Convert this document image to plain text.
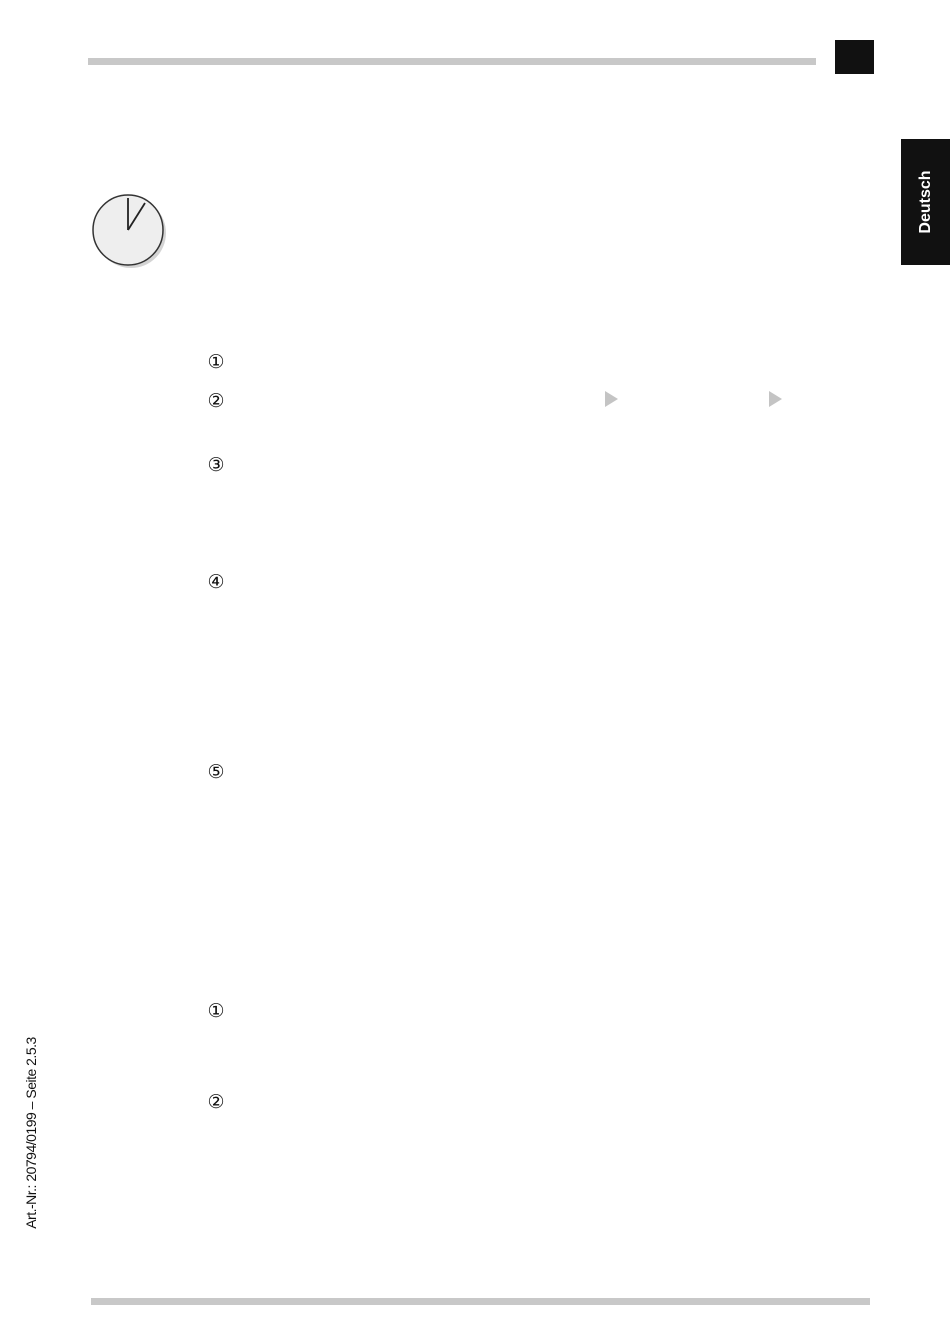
Deutsch
①
②
③
④
⑤
①
②
Art.-Nr.: 20794/0199 – Seite 2.5.3
